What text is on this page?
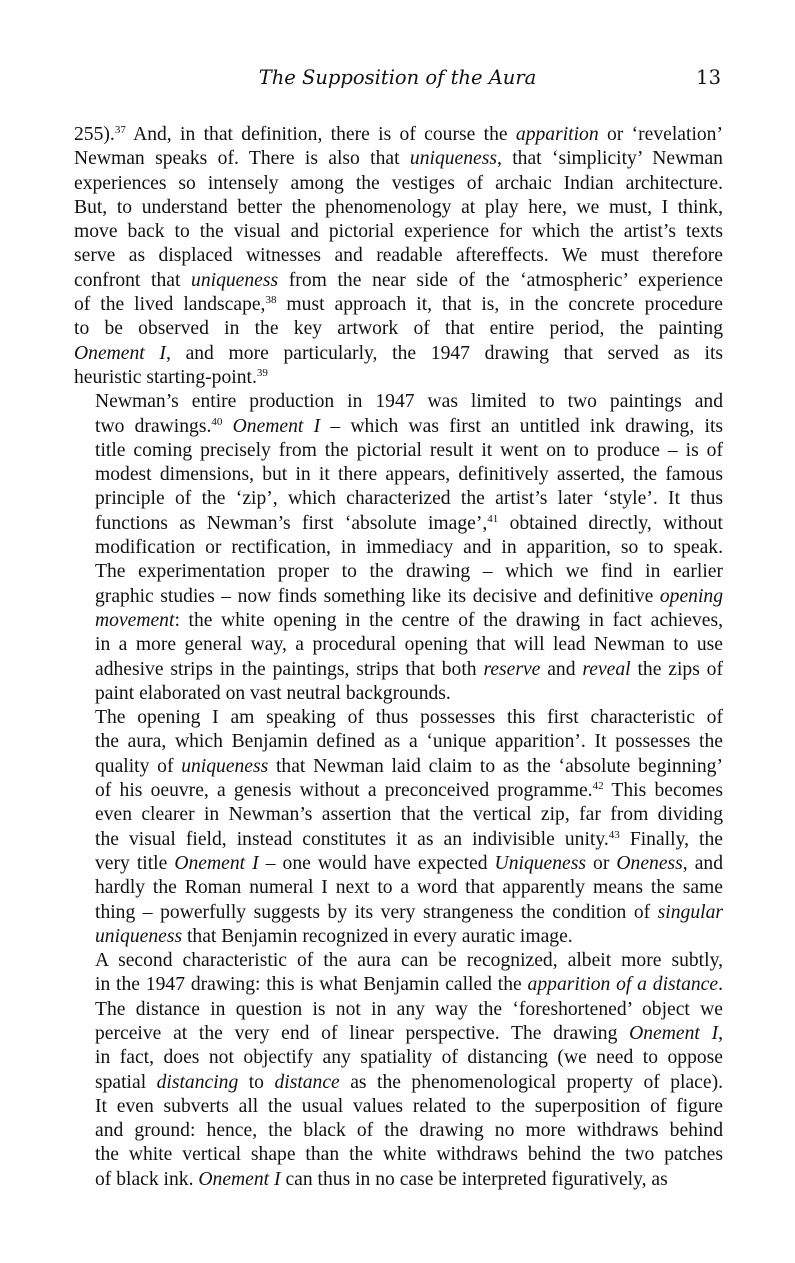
The Supposition of the Aura	13

255).$^{37}$ And, in that definition, there is of course the apparition or ‘revelation’
Newman speaks of. There is also that uniqueness, that ‘simplicity’ Newman
experiences so intensely among the vestiges of archaic Indian architecture.
But, to understand better the phenomenology at play here, we must, I think,
move back to the visual and pictorial experience for which the artist’s texts
serve as displaced witnesses and readable aftereffects. We must therefore
confront that uniqueness from the near side of the ‘atmospheric’ experience
of the lived landscape,$^{38}$ must approach it, that is, in the concrete procedure
to be observed in the key artwork of that entire period, the painting
Onement I, and more particularly, the 1947 drawing that served as its
heuristic starting-point.$^{39}$

Newman’s entire production in 1947 was limited to two paintings and
two drawings.$^{40}$ Onement I – which was first an untitled ink drawing, its
title coming precisely from the pictorial result it went on to produce – is of
modest dimensions, but in it there appears, definitively asserted, the famous
principle of the ‘zip’, which characterized the artist’s later ‘style’. It thus
functions as Newman’s first ‘absolute image’,$^{41}$ obtained directly, without
modification or rectification, in immediacy and in apparition, so to speak.
The experimentation proper to the drawing – which we find in earlier
graphic studies – now finds something like its decisive and definitive opening
movement: the white opening in the centre of the drawing in fact achieves,
in a more general way, a procedural opening that will lead Newman to use
adhesive strips in the paintings, strips that both reserve and reveal the zips of
paint elaborated on vast neutral backgrounds.

The opening I am speaking of thus possesses this first characteristic of
the aura, which Benjamin defined as a ‘unique apparition’. It possesses the
quality of uniqueness that Newman laid claim to as the ‘absolute beginning’
of his oeuvre, a genesis without a preconceived programme.$^{42}$ This becomes
even clearer in Newman’s assertion that the vertical zip, far from dividing
the visual field, instead constitutes it as an indivisible unity.$^{43}$ Finally, the
very title Onement I – one would have expected Uniqueness or Oneness, and
hardly the Roman numeral I next to a word that apparently means the same
thing – powerfully suggests by its very strangeness the condition of singular
uniqueness that Benjamin recognized in every auratic image.

A second characteristic of the aura can be recognized, albeit more subtly,
in the 1947 drawing: this is what Benjamin called the apparition of a distance.
The distance in question is not in any way the ‘foreshortened’ object we
perceive at the very end of linear perspective. The drawing Onement I,
in fact, does not objectify any spatiality of distancing (we need to oppose
spatial distancing to distance as the phenomenological property of place).
It even subverts all the usual values related to the superposition of figure
and ground: hence, the black of the drawing no more withdraws behind
the white vertical shape than the white withdraws behind the two patches
of black ink. Onement I can thus in no case be interpreted figuratively, as
